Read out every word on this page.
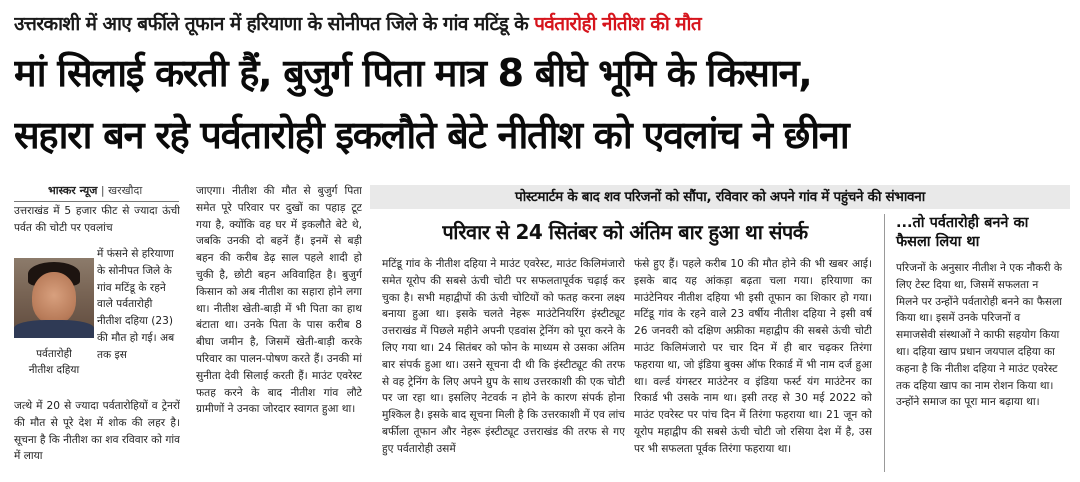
उत्तरकाशी में आए बर्फीले तूफान में हरियाणा के सोनीपत जिले के गांव मटिंडू के पर्वतारोही नीतीश की मौत
मां सिलाई करती हैं, बुजुर्ग पिता मात्र 8 बीघे भूमि के किसान,
सहारा बन रहे पर्वतारोही इकलौते बेटे नीतीश को एवलांच ने छीना
भास्कर न्यूज | खरखौदा
उत्तराखंड में 5 हजार फीट से ज्यादा ऊंची पर्वत की चोटी पर एवलांच
पर्वतारोही
नीतीश दहिया
में फंसने से हरियाणा के सोनीपत जिले के गांव मटिंडू के रहने वाले पर्वतारोही नीतीश दहिया (23) की मौत हो गई। अब तक इस
जत्थे में 20 से ज्यादा पर्वतारोहियों व ट्रेनरों की मौत से पूरे देश में शोक की लहर है। सूचना है कि नीतीश का शव रविवार को गांव में लाया
जाएगा। नीतीश की मौत से बुजुर्ग पिता समेत पूरे परिवार पर दुखों का पहाड़ टूट गया है, क्योंकि वह घर में इकलौते बेटे थे, जबकि उनकी दो बहनें हैं। इनमें से बड़ी बहन की करीब डेढ़ साल पहले शादी हो चुकी है, छोटी बहन अविवाहित है। बुजुर्ग किसान को अब नीतीश का सहारा होने लगा था। नीतीश खेती-बाड़ी में भी पिता का हाथ बंटाता था। उनके पिता के पास करीब 8 बीघा जमीन है, जिसमें खेती-बाड़ी करके परिवार का पालन-पोषण करते हैं। उनकी मां सुनीता देवी सिलाई करती हैं। माउंट एवरेस्ट फतह करने के बाद नीतीश गांव लौटे ग्रामीणों ने उनका जोरदार स्वागत हुआ था।
पोस्टमार्टम के बाद शव परिजनों को सौंपा, रविवार को अपने गांव में पहुंचने की संभावना
परिवार से 24 सितंबर को अंतिम बार हुआ था संपर्क
मटिंडू गांव के नीतीश दहिया ने माउंट एवरेस्ट, माउंट किलिमंजारो समेत यूरोप की सबसे ऊंची चोटी पर सफलतापूर्वक चढ़ाई कर चुका है। सभी महाद्वीपों की ऊंची चोटियों को फतह करना लक्ष्य बनाया हुआ था। इसके चलते नेहरू माउंटेनियरिंग इंस्टीट्यूट उत्तराखंड में पिछले महीने अपनी एडवांस ट्रेनिंग को पूरा करने के लिए गया था। 24 सितंबर को फोन के माध्यम से उसका अंतिम बार संपर्क हुआ था। उसने सूचना दी थी कि इंस्टीट्यूट की तरफ से वह ट्रेनिंग के लिए अपने ग्रुप के साथ उत्तरकाशी की एक चोटी पर जा रहा था। इसलिए नेटवर्क न होने के कारण संपर्क होना मुश्किल है। इसके बाद सूचना मिली है कि उत्तरकाशी में एव लांच बर्फीला तूफान और नेहरू इंस्टीट्यूट उत्तराखंड की तरफ से गए हुए पर्वतारोही उसमें
फंसे हुए हैं। पहले करीब 10 की मौत होने की भी खबर आई। इसके बाद यह आंकड़ा बढ़ता चला गया। हरियाणा का माउंटेनियर नीतीश दहिया भी इसी तूफान का शिकार हो गया। मटिंडू गांव के रहने वाले 23 वर्षीय नीतीश दहिया ने इसी वर्ष 26 जनवरी को दक्षिण अफ्रीका महाद्वीप की सबसे ऊंची चोटी माउंट किलिमंजारो पर चार दिन में ही बार चढ़कर तिरंगा फहराया था, जो इंडिया बुक्स ऑफ रिकार्ड में भी नाम दर्ज हुआ था। वर्ल्ड यंगस्टर माउंटेनर व इंडिया फर्स्ट यंग माउंटेनर का रिकार्ड भी उसके नाम था। इसी तरह से 30 मई 2022 को माउंट एवरेस्ट पर पांच दिन में तिरंगा फहराया था। 21 जून को यूरोप महाद्वीप की सबसे ऊंची चोटी जो रसिया देश में है, उस पर भी सफलता पूर्वक तिरंगा फहराया था।
...तो पर्वतारोही बनने का फैसला लिया था
परिजनों के अनुसार नीतीश ने एक नौकरी के लिए टेस्ट दिया था, जिसमें सफलता न मिलने पर उन्होंने पर्वतारोही बनने का फैसला किया था। इसमें उनके परिजनों व समाजसेवी संस्थाओं ने काफी सहयोग किया था। दहिया खाप प्रधान जयपाल दहिया का कहना है कि नीतीश दहिया ने माउंट एवरेस्ट तक दहिया खाप का नाम रोशन किया था। उन्होंने समाज का पूरा मान बढ़ाया था।
